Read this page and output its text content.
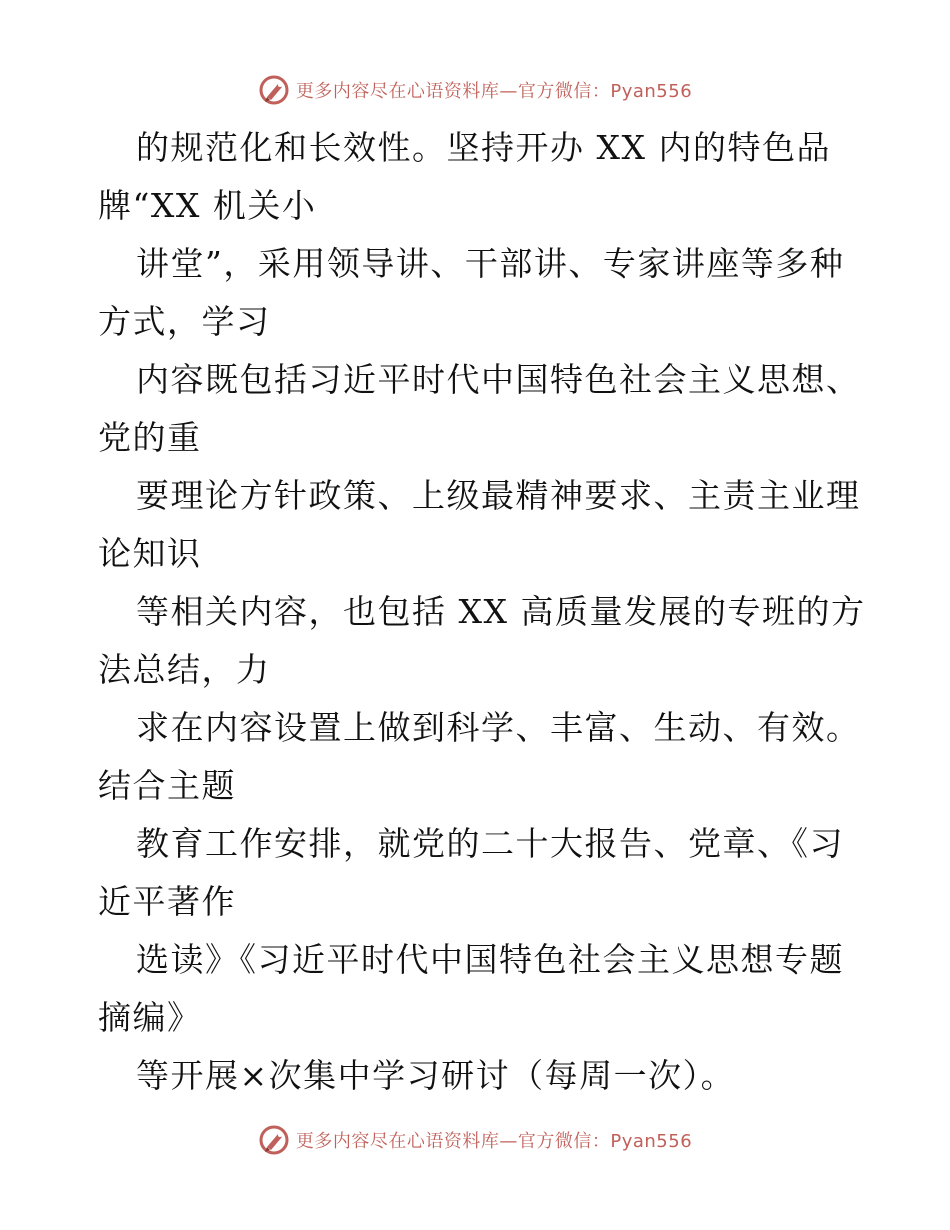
更多内容尽在心语资料库—官方微信：Pyan556
的规范化和长效性。坚持开办 XX 内的特色品
牌“XX 机关小
讲堂”，采用领导讲、干部讲、专家讲座等多种
方式，学习
内容既包括习近平时代中国特色社会主义思想、
党的重
要理论方针政策、上级最精神要求、主责主业理
论知识
等相关内容，也包括 XX 高质量发展的专班的方
法总结，力
求在内容设置上做到科学、丰富、生动、有效。
结合主题
教育工作安排，就党的二十大报告、党章、《习
近平著作
选读》《习近平时代中国特色社会主义思想专题
摘编》
等开展×次集中学习研讨（每周一次）。
更多内容尽在心语资料库—官方微信：Pyan556
